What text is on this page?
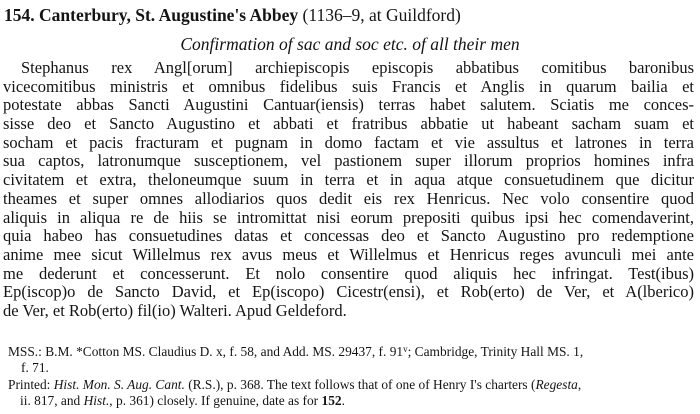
154. Canterbury, St. Augustine's Abbey (1136–9, at Guildford)
Confirmation of sac and soc etc. of all their men
Stephanus rex Angl[orum] archiepiscopis episcopis abbatibus comitibus baronibus
vicecomitibus ministris et omnibus fidelibus suis Francis et Anglis in quarum bailia et
potestate abbas Sancti Augustini Cantuar(iensis) terras habet salutem. Sciatis me conces-
sisse deo et Sancto Augustino et abbati et fratribus abbatie ut habeant sacham suam et
socham et pacis fracturam et pugnam in domo factam et vie assultus et latrones in terra
sua captos, latronumque susceptionem, vel pastionem super illorum proprios homines infra
civitatem et extra, theloneumque suum in terra et in aqua atque consuetudinem que dicitur
theames et super omnes allodiarios quos dedit eis rex Henricus. Nec volo consentire quod
aliquis in aliqua re de hiis se intromittat nisi eorum prepositi quibus ipsi hec comendaverint,
quia habeo has consuetudines datas et concessas deo et Sancto Augustino pro redemptione
anime mee sicut Willelmus rex avus meus et Willelmus et Henricus reges avunculi mei ante
me dederunt et concesserunt. Et nolo consentire quod aliquis hec infringat. Test(ibus)
Ep(iscop)o de Sancto David, et Ep(iscopo) Cicestr(ensi), et Rob(erto) de Ver, et A(lberico)
de Ver, et Rob(erto) fil(io) Walteri. Apud Geldeford.
MSS.: B.M. *Cotton MS. Claudius D. x, f. 58, and Add. MS. 29437, f. 91$^v$; Cambridge, Trinity Hall MS. 1,
f. 71.
Printed: Hist. Mon. S. Aug. Cant. (R.S.), p. 368. The text follows that of one of Henry I's charters (Regesta,
ii. 817, and Hist., p. 361) closely. If genuine, date as for 152.
